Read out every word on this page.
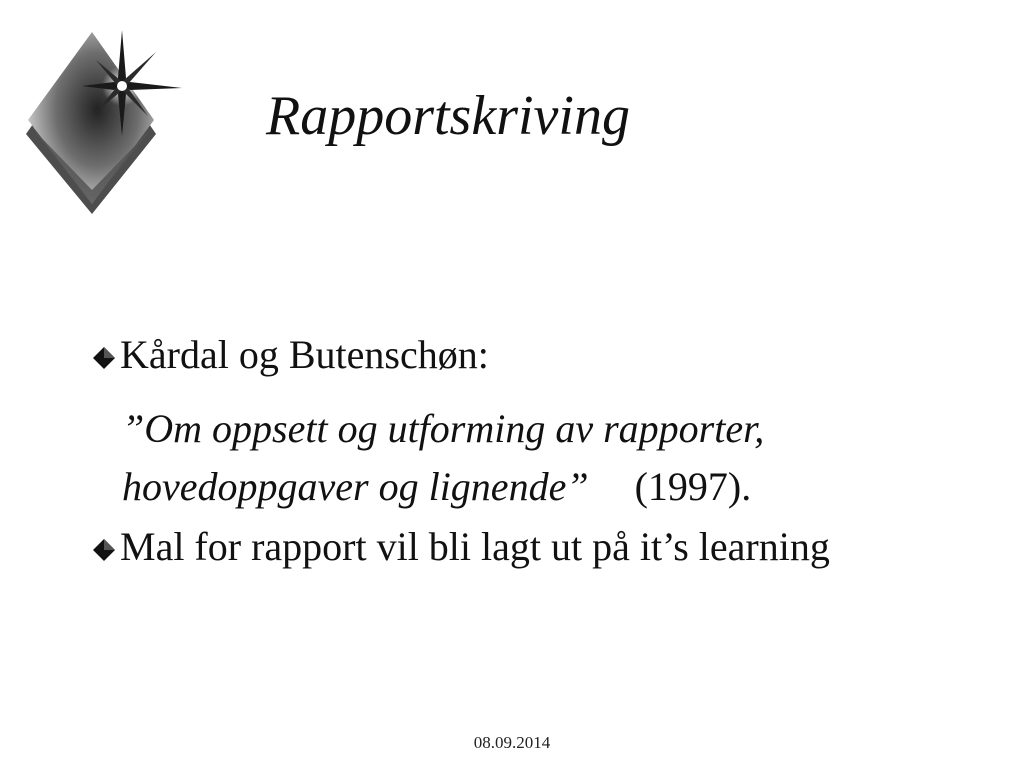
Rapportskriving
Kårdal og Butenschøn:
”Om oppsett og utforming av rapporter,
hovedoppgaver og lignende” (1997).
Mal for rapport vil bli lagt ut på it’s learning
08.09.2014
